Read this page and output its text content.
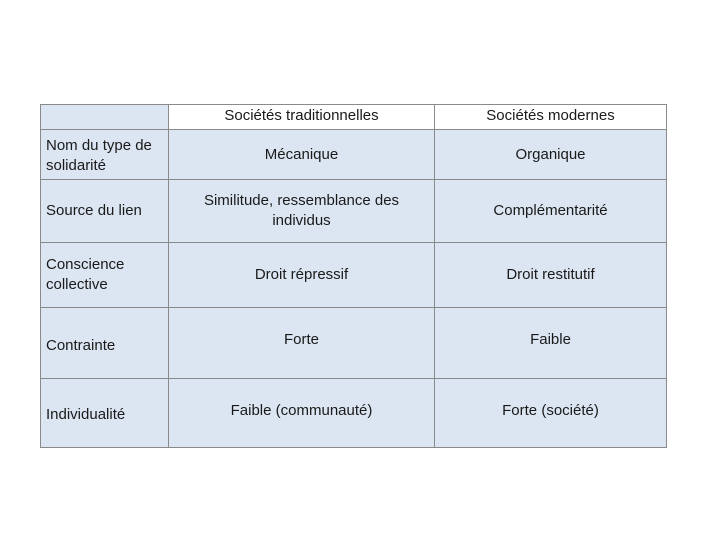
	Sociétés traditionnelles	Sociétés modernes
Nom du type de solidarité	Mécanique	Organique
Source du lien	Similitude, ressemblance des individus	Complémentarité
Conscience collective	Droit répressif	Droit restitutif
Contrainte	Forte	Faible
Individualité	Faible (communauté)	Forte (société)
